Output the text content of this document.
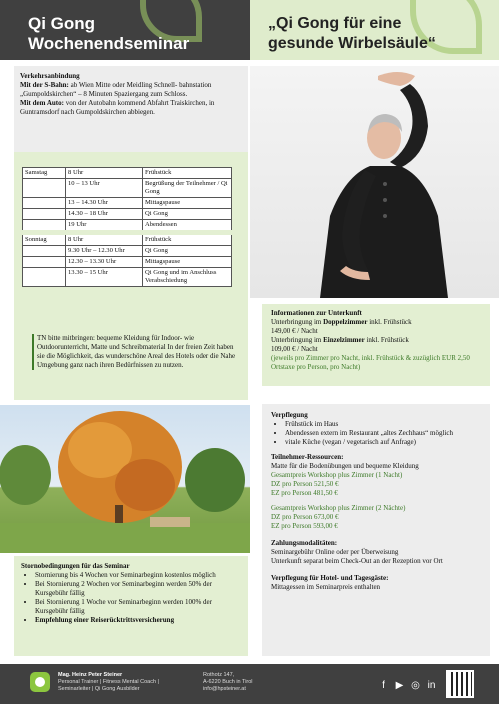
Qi Gong
Wochenendseminar
„Qi Gong für eine
gesunde Wirbelsäule“
Verkehrsanbindung
Mit der S-Bahn: ab Wien Mitte oder Meidling Schnell- bahnstation „Gumpoldskirchen“ – 8 Minuten Spaziergang zum Schloss.
Mit dem Auto: von der Autobahn kommend Abfahrt Traiskirchen, in Guntramsdorf nach Gumpoldskirchen abbiegen.
Samstag	8 Uhr	Frühstück
	10 – 13 Uhr	Begrüßung der Teilnehmer / Qi Gong
	13 – 14.30 Uhr	Mittagspause
	14.30 – 18 Uhr	Qi Gong
	19 Uhr	Abendessen
Sonntag	8 Uhr	Frühstück
	9.30 Uhr – 12.30 Uhr	Qi Gong
	12.30 – 13.30 Uhr	Mittagspause
	13.30 – 15 Uhr	Qi Gong und im Anschluss Verabschiedung
TN bitte mitbringen: bequeme Kleidung für Indoor- wie Outdoorunterricht, Matte und Schreibmaterial In der freien Zeit haben sie die Möglichkeit, das wunderschöne Areal des Hotels oder die Nahe Umgebung ganz nach ihren Bedürfnissen zu nutzen.
Informationen zur Unterkunft
Unterbringung im Doppelzimmer inkl. Frühstück
149,00 € / Nacht
Unterbringung im Einzelzimmer inkl. Frühstück
109,00 € / Nacht
(jeweils pro Zimmer pro Nacht, inkl. Frühstück & zuzüglich EUR 2,50 Ortstaxe pro Person, pro Nacht)
Verpflegung
• Frühstück im Haus
• Abendessen extern im Restaurant „altes Zechhaus“ möglich
• vitale Küche (vegan / vegetarisch auf Anfrage)
Teilnehmer-Ressourcen:
Matte für die Bodenübungen und bequeme Kleidung
Gesamtpreis Workshop plus Zimmer (1 Nacht)
DZ pro Person 521,50 €
EZ pro Person 481,50 €
Gesamtpreis Workshop plus Zimmer (2 Nächte)
DZ pro Person 673,00 €
EZ pro Person 593,00 €
Zahlungsmodalitäten:
Seminargebühr Online oder per Überweisung
Unterkunft separat beim Check-Out an der Rezeption vor Ort
Verpflegung für Hotel- und Tagesgäste:
Mittagessen im Seminarpreis enthalten
Stornobedingungen für das Seminar
• Stornierung bis 4 Wochen vor Seminarbeginn kostenlos möglich
• Bei Stornierung 2 Wochen vor Seminarbeginn werden 50% der Kursgebühr fällig
• Bei Stornierung 1 Woche vor Seminarbeginn werden 100% der Kursgebühr fällig
• Empfehlung einer Reiserücktrittsversicherung
Mag. Heinz Peter Steiner
Personal Trainer | Fitness Mental Coach |
Seminarleiter | Qi Gong Ausbilder
Rothotz 147,
A-6220 Buch in Tirol
info@hpsteiner.at	f	▶ ◎ in
